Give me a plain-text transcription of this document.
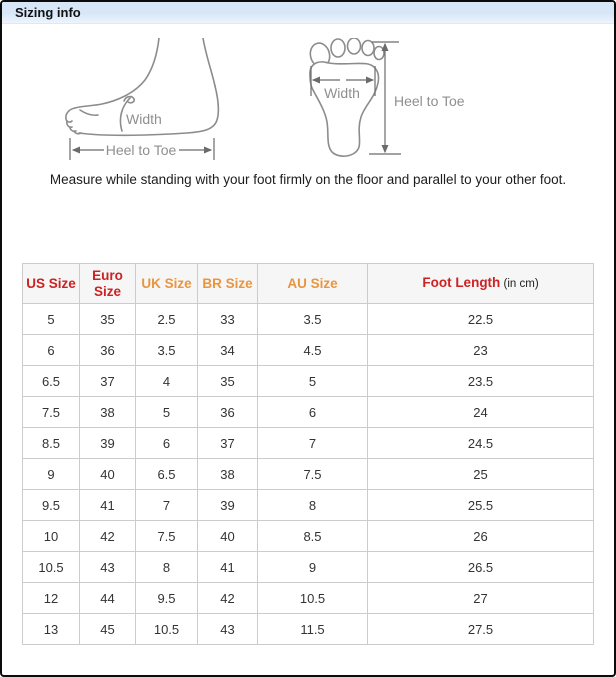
Sizing info
Width
Heel to Toe
Width Heel to Toe
Measure while standing with your foot firmly on the floor and parallel to your other foot.
US Size	Euro Size	UK Size	BR Size	AU Size	Foot Length (in cm)
5	35	2.5	33	3.5	22.5
6	36	3.5	34	4.5	23
6.5	37	4	35	5	23.5
7.5	38	5	36	6	24
8.5	39	6	37	7	24.5
9	40	6.5	38	7.5	25
9.5	41	7	39	8	25.5
10	42	7.5	40	8.5	26
10.5	43	8	41	9	26.5
12	44	9.5	42	10.5	27
13	45	10.5	43	11.5	27.5
